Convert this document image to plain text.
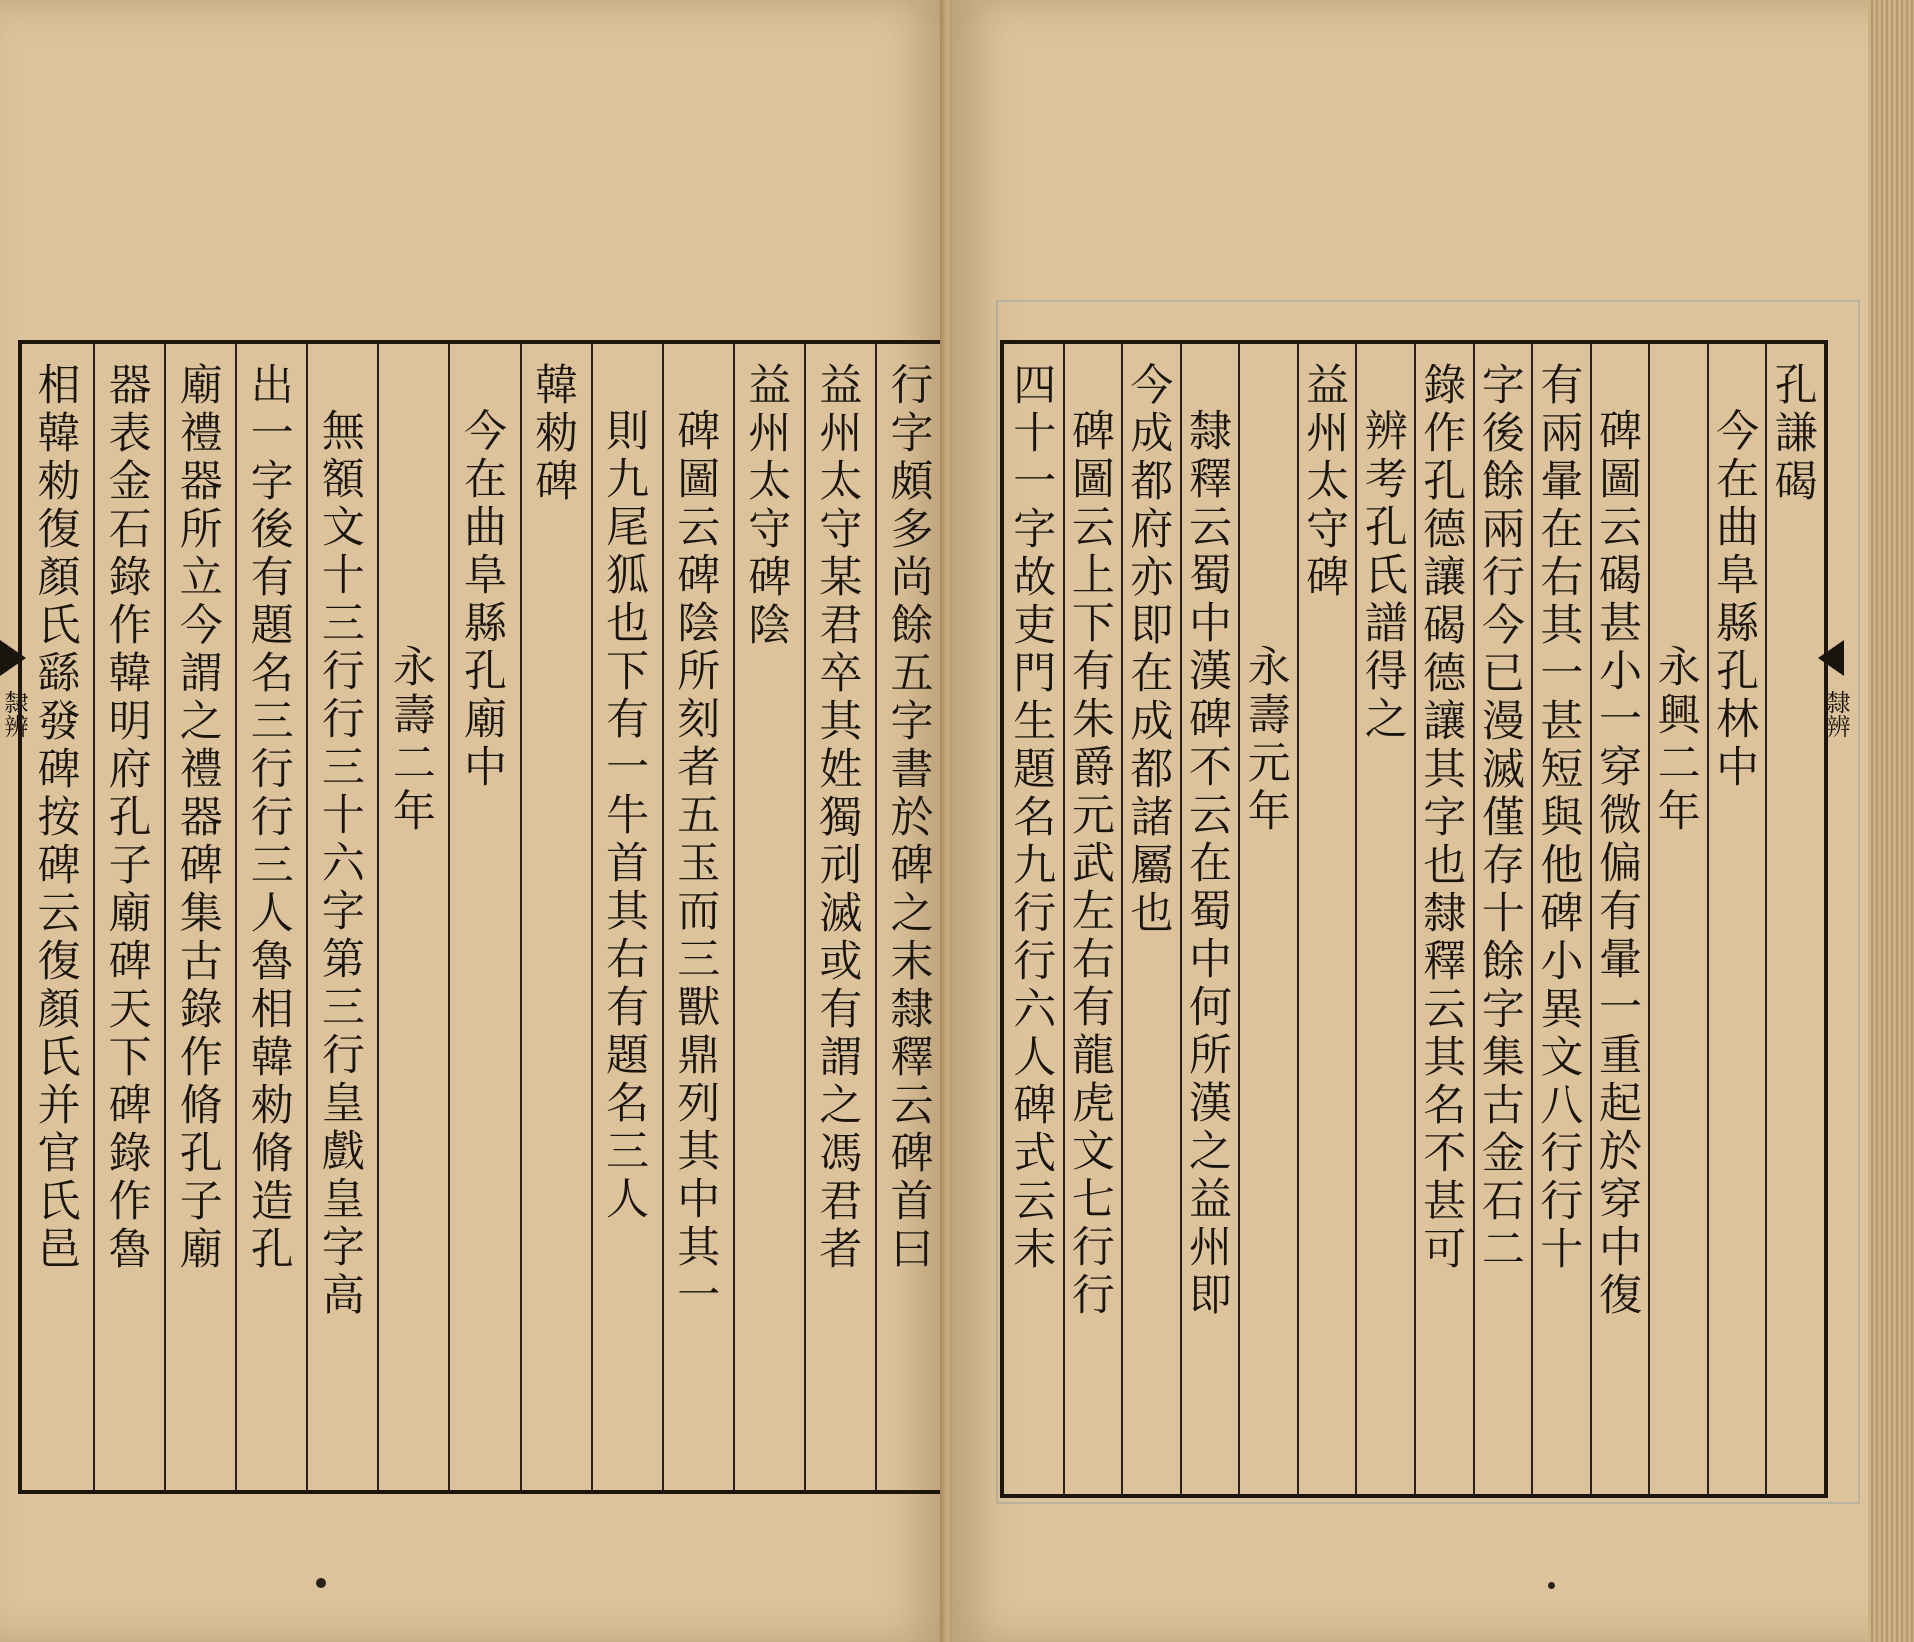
行字頗多尚餘五字書於碑之末隸釋云碑首曰
益州太守某君卒其姓獨刓滅或有謂之馮君者
益州太守碑陰
碑圖云碑陰所刻者五玉而三獸鼎列其中其一
則九尾狐也下有一牛首其右有題名三人
韓勑碑
今在曲阜縣孔廟中
永壽二年
無額文十三行行三十六字第三行皇戲皇字高
出一字後有題名三行行三人魯相韓勑脩造孔
廟禮器所立今謂之禮器碑集古錄作脩孔子廟
器表金石錄作韓明府孔子廟碑天下碑錄作魯
相韓勑復顏氏繇發碑按碑云復顏氏并官氏邑
隸辨
孔謙碣
今在曲阜縣孔林中
永興二年
碑圖云碣甚小一穿微偏有暈一重起於穿中復
有兩暈在右其一甚短與他碑小異文八行行十
字後餘兩行今已漫滅僅存十餘字集古金石二
錄作孔德讓碣德讓其字也隸釋云其名不甚可
辨考孔氏譜得之
益州太守碑
永壽元年
隸釋云蜀中漢碑不云在蜀中何所漢之益州即
今成都府亦即在成都諸屬也
碑圖云上下有朱爵元武左右有龍虎文七行行
四十一字故吏門生題名九行行六人碑式云末	隸辨
